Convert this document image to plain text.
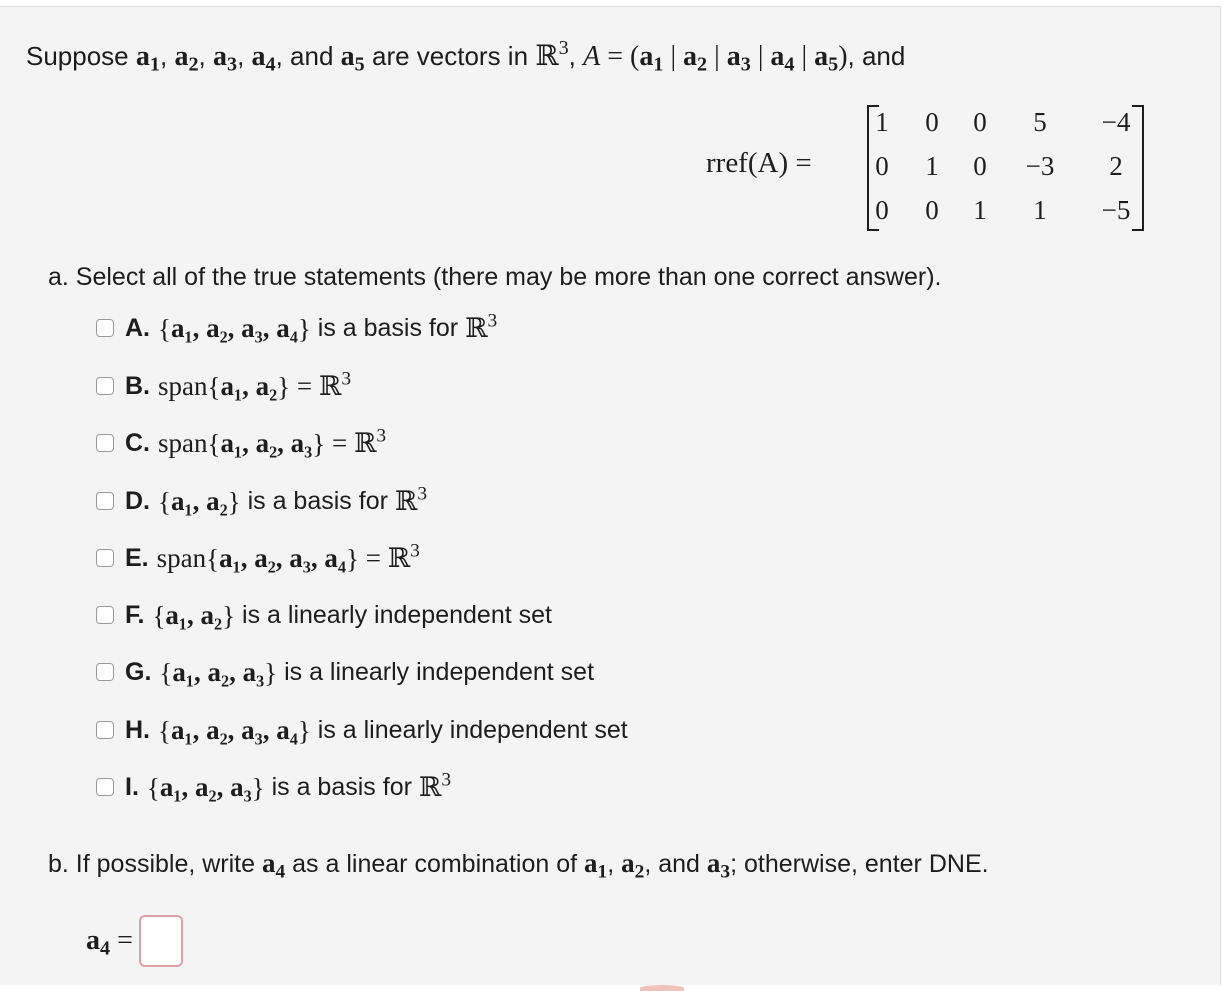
Suppose $a_1$, $a_2$, $a_3$, $a_4$, and $a_5$ are vectors in ℝ$^3$, $A = (a_1$ | $a_2$ | $a_3$ | $a_4$ | $a_5$), and
rref(A) =
1	0	0	5	−4
0	1	0	−3	2
0	0	1	1	−5
a. Select all of the true statements (there may be more than one correct answer).
A. { a₁, a₂, a₃, a₄ } is a basis for ℝ$^3$
B. span { a₁, a₂ } = ℝ$^3$
C. span { a₁, a₂, a₃ } = ℝ$^3$
D. { a₁, a₂ } is a basis for ℝ$^3$
E. span { a₁, a₂, a₃, a₄ } = ℝ$^3$
F. { a₁, a₂ } is a linearly independent set
G. { a₁, a₂, a₃ } is a linearly independent set
H. { a₁, a₂, a₃, a₄ } is a linearly independent set
I. { a₁, a₂, a₃ } is a basis for ℝ$^3$
b. If possible, write $a_4$ as a linear combination of $a_1$, $a_2$, and $a_3$; otherwise, enter DNE.
$a_4$ =
